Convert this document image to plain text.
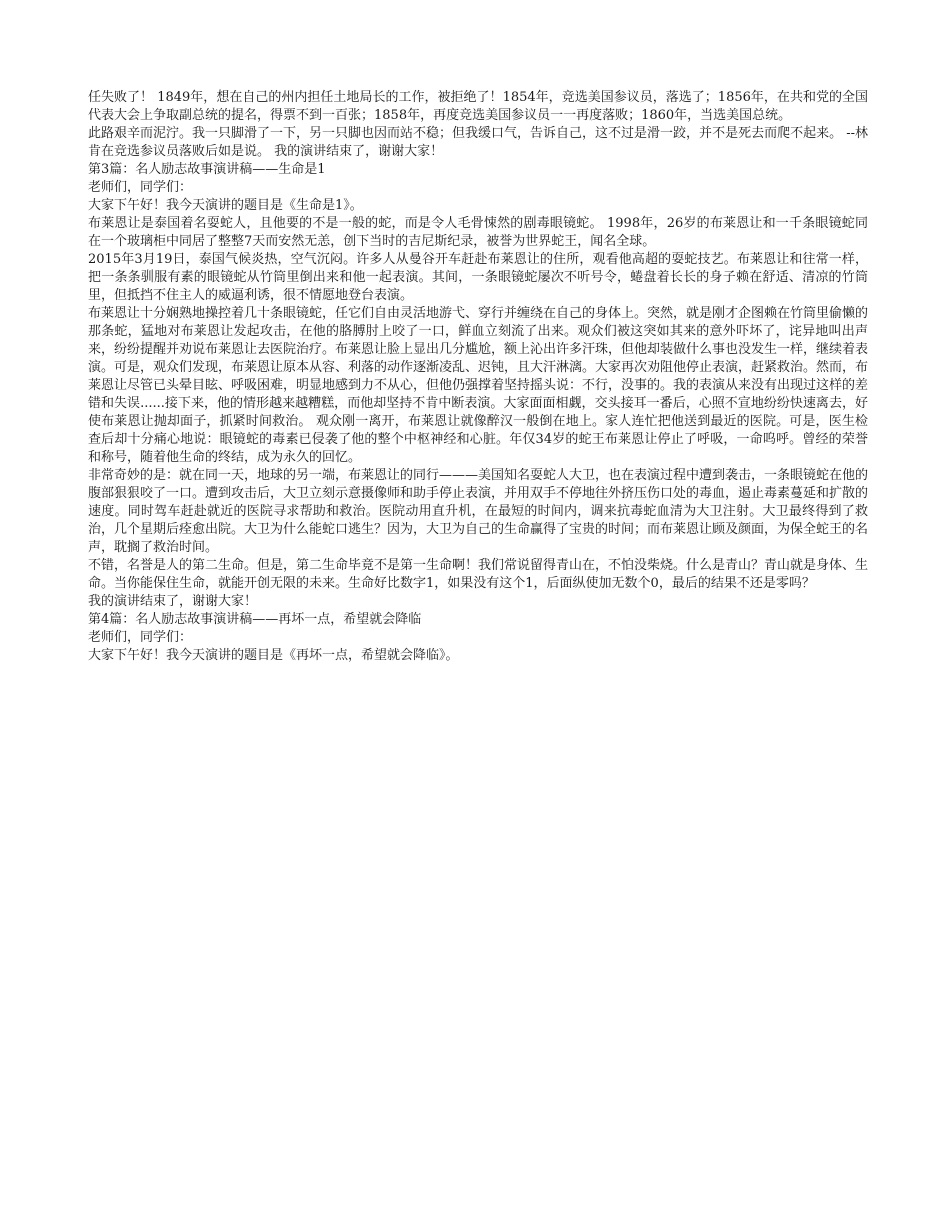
任失败了！ 1849年，想在自己的州内担任土地局长的工作，被拒绝了！1854年，竞选美国参议员，落选了；1856年，在共和党的全国代表大会上争取副总统的提名，得票不到一百张；1858年，再度竞选美国参议员一一再度落败；1860年，当选美国总统。

此路艰辛而泥泞。我一只脚滑了一下，另一只脚也因而站不稳；但我缓口气，告诉自己，这不过是滑一跤，并不是死去而爬不起来。 --林肯在竞选参议员落败后如是说。 我的演讲结束了，谢谢大家！

第3篇：名人励志故事演讲稿——生命是1

老师们，同学们：

大家下午好！我今天演讲的题目是《生命是1》。

布莱恩让是泰国着名耍蛇人，且他要的不是一般的蛇，而是令人毛骨悚然的剧毒眼镜蛇。 1998年，26岁的布莱恩让和一千条眼镜蛇同在一个玻璃柜中同居了整整7天而安然无恙，创下当时的吉尼斯纪录，被誉为世界蛇王，闻名全球。

2015年3月19日，泰国气候炎热，空气沉闷。许多人从曼谷开车赶赴布莱恩让的住所，观看他高超的耍蛇技艺。布莱恩让和往常一样，把一条条驯服有素的眼镜蛇从竹筒里倒出来和他一起表演。其间，一条眼镜蛇屡次不听号令，蜷盘着长长的身子赖在舒适、清凉的竹筒里，但抵挡不住主人的威逼利诱，很不情愿地登台表演。

布莱恩让十分娴熟地操控着几十条眼镜蛇，任它们自由灵活地游弋、穿行并缠绕在自己的身体上。突然，就是刚才企图赖在竹筒里偷懒的那条蛇，猛地对布莱恩让发起攻击，在他的胳膊肘上咬了一口，鲜血立刻流了出来。观众们被这突如其来的意外吓坏了，诧异地叫出声来，纷纷提醒并劝说布莱恩让去医院治疗。布莱恩让脸上显出几分尴尬，额上沁出许多汗珠，但他却装做什么事也没发生一样，继续着表演。可是，观众们发现，布莱恩让原本从容、利落的动作逐渐凌乱、迟钝，且大汗淋漓。大家再次劝阻他停止表演，赶紧救治。然而，布莱恩让尽管已头晕目眩、呼吸困难，明显地感到力不从心，但他仍强撑着坚持摇头说：不行，没事的。我的表演从来没有出现过这样的差错和失误......接下来，他的情形越来越糟糕，而他却坚持不肯中断表演。大家面面相觑，交头接耳一番后，心照不宣地纷纷快速离去，好使布莱恩让抛却面子，抓紧时间救治。 观众刚一离开，布莱恩让就像醉汉一般倒在地上。家人连忙把他送到最近的医院。可是，医生检查后却十分痛心地说：眼镜蛇的毒素已侵袭了他的整个中枢神经和心脏。年仅34岁的蛇王布莱恩让停止了呼吸，一命呜呼。曾经的荣誉和称号，随着他生命的终结，成为永久的回忆。

非常奇妙的是：就在同一天，地球的另一端，布莱恩让的同行———美国知名耍蛇人大卫，也在表演过程中遭到袭击，一条眼镜蛇在他的腹部狠狠咬了一口。遭到攻击后，大卫立刻示意摄像师和助手停止表演，并用双手不停地往外挤压伤口处的毒血，遏止毒素蔓延和扩散的速度。同时驾车赶赴就近的医院寻求帮助和救治。医院动用直升机，在最短的时间内，调来抗毒蛇血清为大卫注射。大卫最终得到了救治，几个星期后痊愈出院。大卫为什么能蛇口逃生？因为，大卫为自己的生命赢得了宝贵的时间；而布莱恩让顾及颜面，为保全蛇王的名声，耽搁了救治时间。

不错，名誉是人的第二生命。但是，第二生命毕竟不是第一生命啊！我们常说留得青山在，不怕没柴烧。什么是青山？青山就是身体、生命。当你能保住生命，就能开创无限的未来。生命好比数字1，如果没有这个1，后面纵使加无数个0，最后的结果不还是零吗？

我的演讲结束了，谢谢大家！

第4篇：名人励志故事演讲稿——再坏一点，希望就会降临

老师们，同学们：

大家下午好！我今天演讲的题目是《再坏一点，希望就会降临》。
